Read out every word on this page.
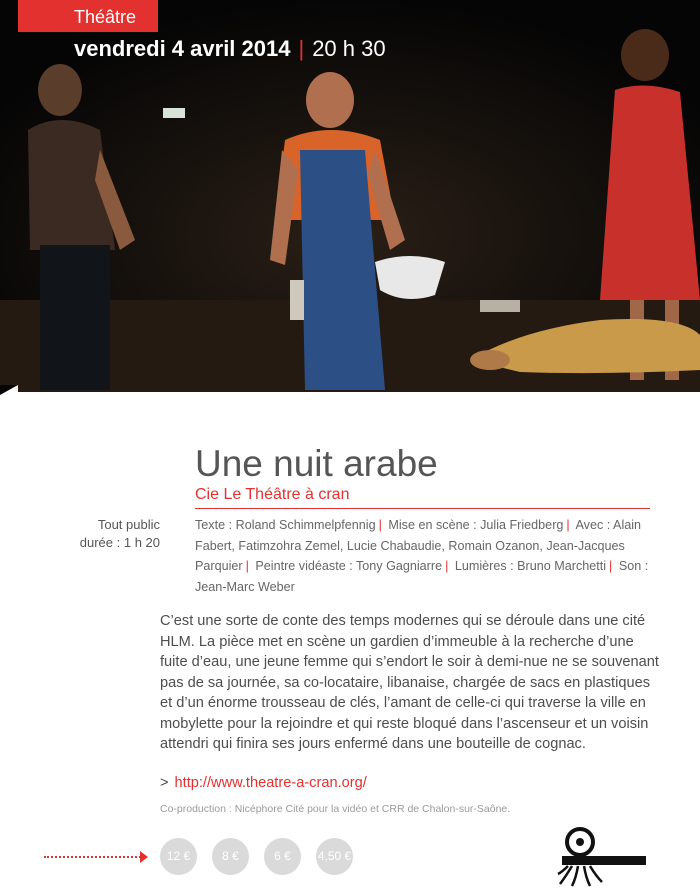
Théâtre
vendredi 4 avril 2014 | 20 h 30
Une nuit arabe
Cie Le Théâtre à cran
Tout public
durée : 1 h 20
Texte : Roland Schimmelpfennig | Mise en scène : Julia Friedberg | Avec : Alain Fabert, Fatimzohra Zemel, Lucie Chabaudie, Romain Ozanon, Jean-Jacques Parquier | Peintre vidéaste : Tony Gagniarre | Lumières : Bruno Marchetti | Son : Jean-Marc Weber
C’est une sorte de conte des temps modernes qui se déroule dans une cité HLM. La pièce met en scène un gardien d’immeuble à la recherche d’une fuite d’eau, une jeune femme qui s’endort le soir à demi-nue ne se souvenant pas de sa journée, sa co-locataire, libanaise, chargée de sacs en plastiques et d’un énorme trousseau de clés, l’amant de celle-ci qui traverse la ville en mobylette pour la rejoindre et qui reste bloqué dans l’ascenseur et un voisin attendri qui finira ses jours enfermé dans une bouteille de cognac.
> http://www.theatre-a-cran.org/
Co-production : Nicéphore Cité pour la vidéo et CRR de Chalon-sur-Saône.
12 €	8 €	6 €	4,50 €
